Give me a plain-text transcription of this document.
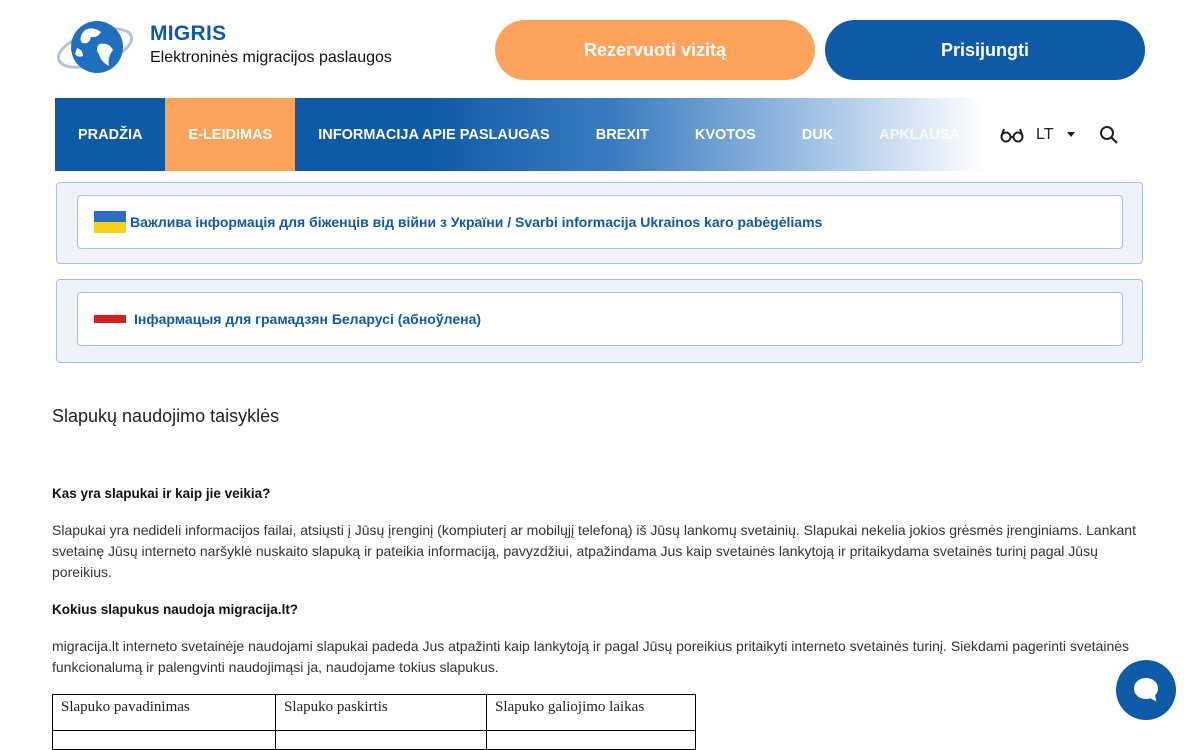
MIGRIS
Elektroninės migracijos paslaugos	Rezervuoti vizitą	Prisijungti
PRADŽIA	E-LEIDIMAS	INFORMACIJA APIE PASLAUGAS	BREXIT	KVOTOS	DUK	APKLAUSA	LT
Важлива інформація для біженців від війни з України / Svarbi informacija Ukrainos karo pabėgėliams
Інфармацыя для грамадзян Беларусі (абноўлена)
Slapukų naudojimo taisyklės
Kas yra slapukai ir kaip jie veikia?
Slapukai yra nedideli informacijos failai, atsiųsti į Jūsų įrenginį (kompiuterį ar mobilųjį telefoną) iš Jūsų lankomų svetainių. Slapukai nekelia jokios grėsmės įrenginiams. Lankant svetainę Jūsų interneto naršyklė nuskaito slapuką ir pateikia informaciją, pavyzdžiui, atpažindama Jus kaip svetainės lankytoją ir pritaikydama svetainės turinį pagal Jūsų poreikius.
Kokius slapukus naudoja migracija.lt?
migracija.lt interneto svetainėje naudojami slapukai padeda Jus atpažinti kaip lankytoją ir pagal Jūsų poreikius pritaikyti interneto svetainės turinį. Siekdami pagerinti svetainės funkcionalumą ir palengvinti naudojimąsi ja, naudojame tokius slapukus.
Slapuko pavadinimas	Slapuko paskirtis	Slapuko galiojimo laikas
